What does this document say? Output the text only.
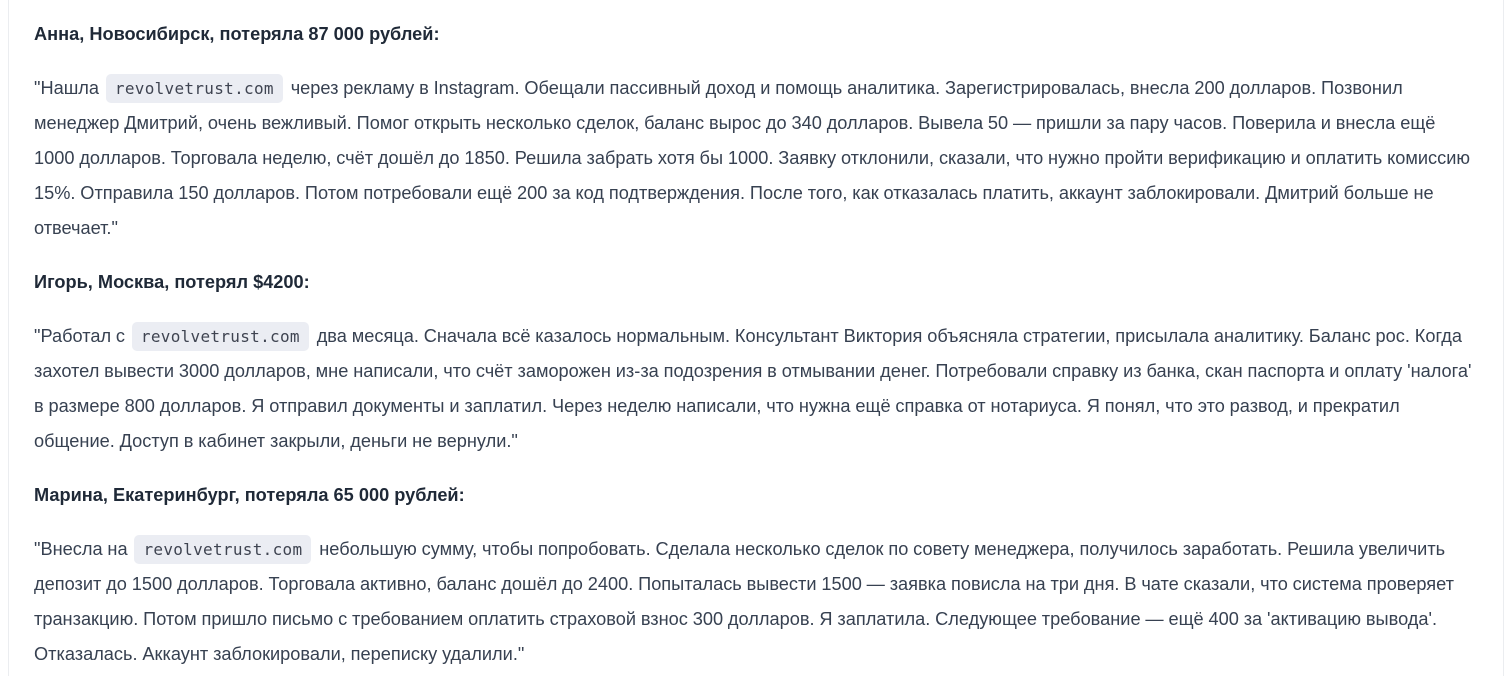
Анна, Новосибирск, потеряла 87 000 рублей:

"Нашла revolvetrust.com через рекламу в Instagram. Обещали пассивный доход и помощь аналитика. Зарегистрировалась, внесла 200 долларов. Позвонил менеджер Дмитрий, очень вежливый. Помог открыть несколько сделок, баланс вырос до 340 долларов. Вывела 50 — пришли за пару часов. Поверила и внесла ещё 1000 долларов. Торговала неделю, счёт дошёл до 1850. Решила забрать хотя бы 1000. Заявку отклонили, сказали, что нужно пройти верификацию и оплатить комиссию 15%. Отправила 150 долларов. Потом потребовали ещё 200 за код подтверждения. После того, как отказалась платить, аккаунт заблокировали. Дмитрий больше не отвечает."

Игорь, Москва, потерял $4200:

"Работал с revolvetrust.com два месяца. Сначала всё казалось нормальным. Консультант Виктория объясняла стратегии, присылала аналитику. Баланс рос. Когда захотел вывести 3000 долларов, мне написали, что счёт заморожен из-за подозрения в отмывании денег. Потребовали справку из банка, скан паспорта и оплату 'налога' в размере 800 долларов. Я отправил документы и заплатил. Через неделю написали, что нужна ещё справка от нотариуса. Я понял, что это развод, и прекратил общение. Доступ в кабинет закрыли, деньги не вернули."

Марина, Екатеринбург, потеряла 65 000 рублей:

"Внесла на revolvetrust.com небольшую сумму, чтобы попробовать. Сделала несколько сделок по совету менеджера, получилось заработать. Решила увеличить депозит до 1500 долларов. Торговала активно, баланс дошёл до 2400. Попыталась вывести 1500 — заявка повисла на три дня. В чате сказали, что система проверяет транзакцию. Потом пришло письмо с требованием оплатить страховой взнос 300 долларов. Я заплатила. Следующее требование — ещё 400 за 'активацию вывода'. Отказалась. Аккаунт заблокировали, переписку удалили."
